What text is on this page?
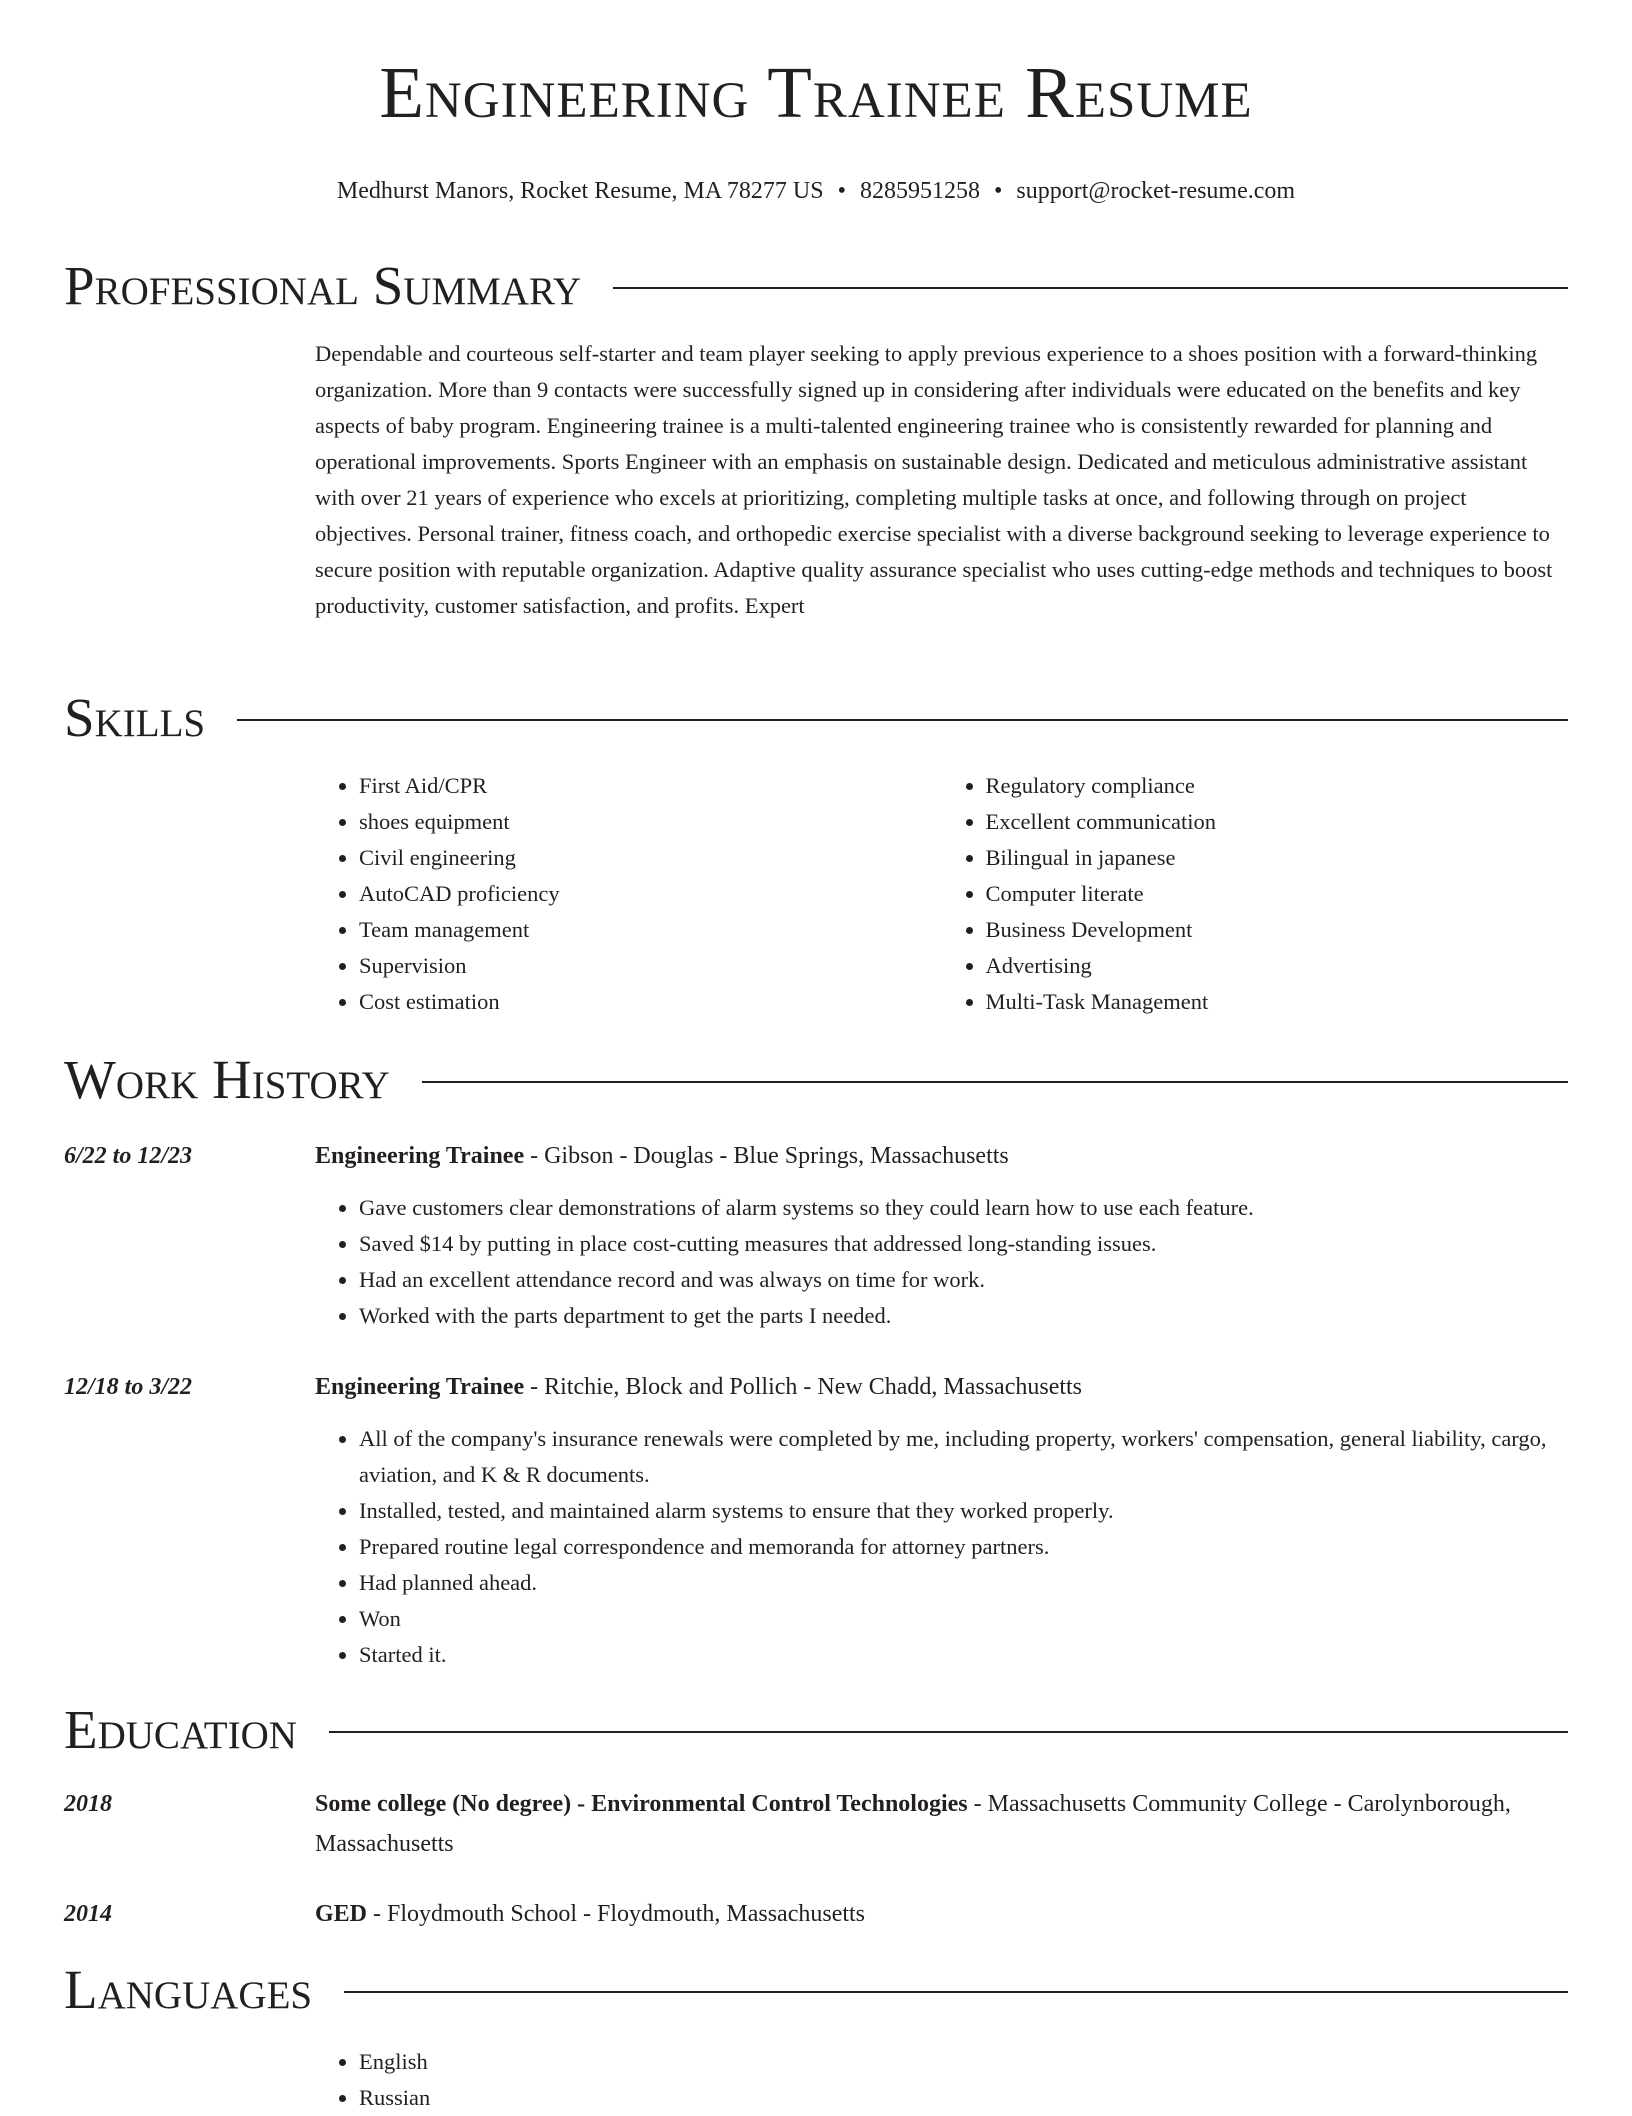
Engineering Trainee Resume
Medhurst Manors, Rocket Resume, MA 78277 US • 8285951258 • support@rocket-resume.com
Professional Summary

Dependable and courteous self-starter and team player seeking to apply previous experience to a shoes position with a forward-thinking organization. More than 9 contacts were successfully signed up in considering after individuals were educated on the benefits and key aspects of baby program. Engineering trainee is a multi-talented engineering trainee who is consistently rewarded for planning and operational improvements. Sports Engineer with an emphasis on sustainable design. Dedicated and meticulous administrative assistant with over 21 years of experience who excels at prioritizing, completing multiple tasks at once, and following through on project objectives. Personal trainer, fitness coach, and orthopedic exercise specialist with a diverse background seeking to leverage experience to secure position with reputable organization. Adaptive quality assurance specialist who uses cutting-edge methods and techniques to boost productivity, customer satisfaction, and profits. Expert

Skills
• First Aid/CPR
• shoes equipment
• Civil engineering
• AutoCAD proficiency
• Team management
• Supervision
• Cost estimation
• Regulatory compliance
• Excellent communication
• Bilingual in japanese
• Computer literate
• Business Development
• Advertising
• Multi-Task Management
Work History
6/22 to 12/23	Engineering Trainee - Gibson - Douglas - Blue Springs, Massachusetts
• Gave customers clear demonstrations of alarm systems so they could learn how to use each feature.
• Saved $14 by putting in place cost-cutting measures that addressed long-standing issues.
• Had an excellent attendance record and was always on time for work.
• Worked with the parts department to get the parts I needed.
12/18 to 3/22	Engineering Trainee - Ritchie, Block and Pollich - New Chadd, Massachusetts
• All of the company's insurance renewals were completed by me, including property, workers' compensation, general liability, cargo, aviation, and K & R documents.
• Installed, tested, and maintained alarm systems to ensure that they worked properly.
• Prepared routine legal correspondence and memoranda for attorney partners.
• Had planned ahead.
• Won
• Started it.
Education
2018	Some college (No degree) - Environmental Control Technologies - Massachusetts Community College - Carolynborough, Massachusetts
2014	GED - Floydmouth School - Floydmouth, Massachusetts
Languages
• English
• Russian
